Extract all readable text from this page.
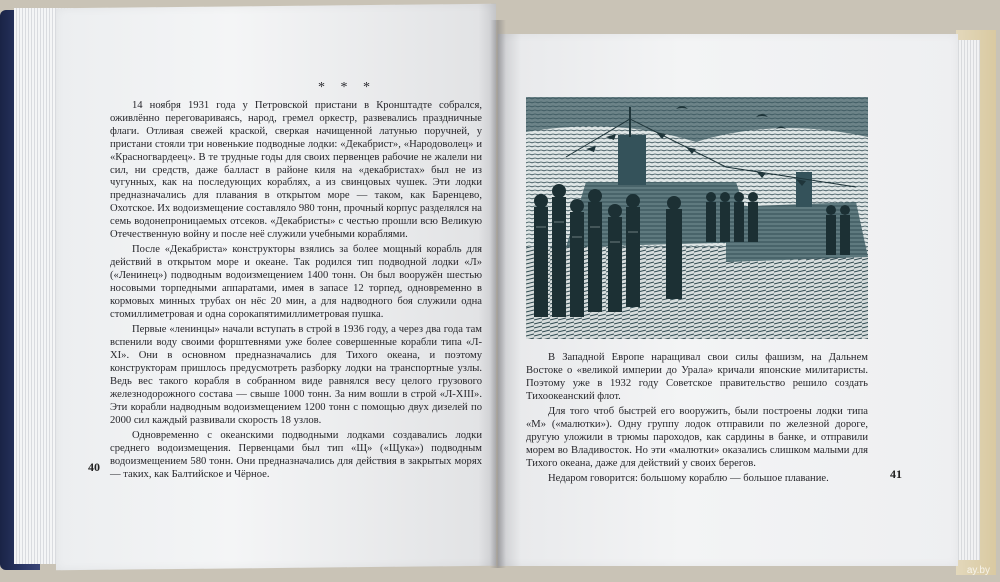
* * *

14 ноября 1931 года у Петровской пристани в Кронштадте собрался, оживлённо переговариваясь, народ, гремел оркестр, развевались праздничные флаги. Отливая свежей краской, сверкая начищенной латунью поручней, у пристани стояли три новенькие подводные лодки: «Декабрист», «Народоволец» и «Красногвардеец». В те трудные годы для своих первенцев рабочие не жалели ни сил, ни средств, даже балласт в районе киля на «декабристах» был не из чугунных, как на последующих кораблях, а из свинцовых чушек. Эти лодки предназначались для плавания в открытом море — таком, как Баренцево, Охотское. Их водоизмещение составляло 980 тонн, прочный корпус разделялся на семь водонепроницаемых отсеков. «Декабристы» с честью прошли всю Великую Отечественную войну и после неё служили учебными кораблями.

После «Декабриста» конструкторы взялись за более мощный корабль для действий в открытом море и океане. Так родился тип подводной лодки «Л» («Ленинец») подводным водоизмещением 1400 тонн. Он был вооружён шестью носовыми торпедными аппаратами, имея в запасе 12 торпед, одновременно в кормовых минных трубах он нёс 20 мин, а для надводного боя служили одна стомиллиметровая и одна сорокапятимиллиметровая пушка.

Первые «ленинцы» начали вступать в строй в 1936 году, а через два года там вспенили воду своими форштевнями уже более совершенные корабли типа «Л-XI». Они в основном предназначались для Тихого океана, и поэтому конструкторам пришлось предусмотреть разборку лодки на транспортные узлы. Ведь вес такого корабля в собранном виде равнялся весу целого грузового железнодорожного состава — свыше 1000 тонн. За ним вошли в строй «Л-XIII». Эти корабли надводным водоизмещением 1200 тонн с помощью двух дизелей по 2000 сил каждый развивали скорость 18 узлов.

Одновременно с океанскими подводными лодками создавались лодки среднего водоизмещения. Первенцами был тип «Щ» («Щука») подводным водоизмещением 580 тонн. Они предназначались для действия в закрытых морях — таких, как Балтийское и Чёрное.

40

В Западной Европе наращивал свои силы фашизм, на Дальнем Востоке о «великой империи до Урала» кричали японские милитаристы. Поэтому уже в 1932 году Советское правительство решило создать Тихоокеанский флот.

Для того чтоб быстрей его вооружить, были построены лодки типа «М» («малютки»). Одну группу лодок отправили по железной дороге, другую уложили в трюмы пароходов, как сардины в банке, и отправили морем во Владивосток. Но эти «малютки» оказались слишком малыми для Тихого океана, даже для действий у своих берегов.

Недаром говорится: большому кораблю — большое плавание.	41
ay.by
